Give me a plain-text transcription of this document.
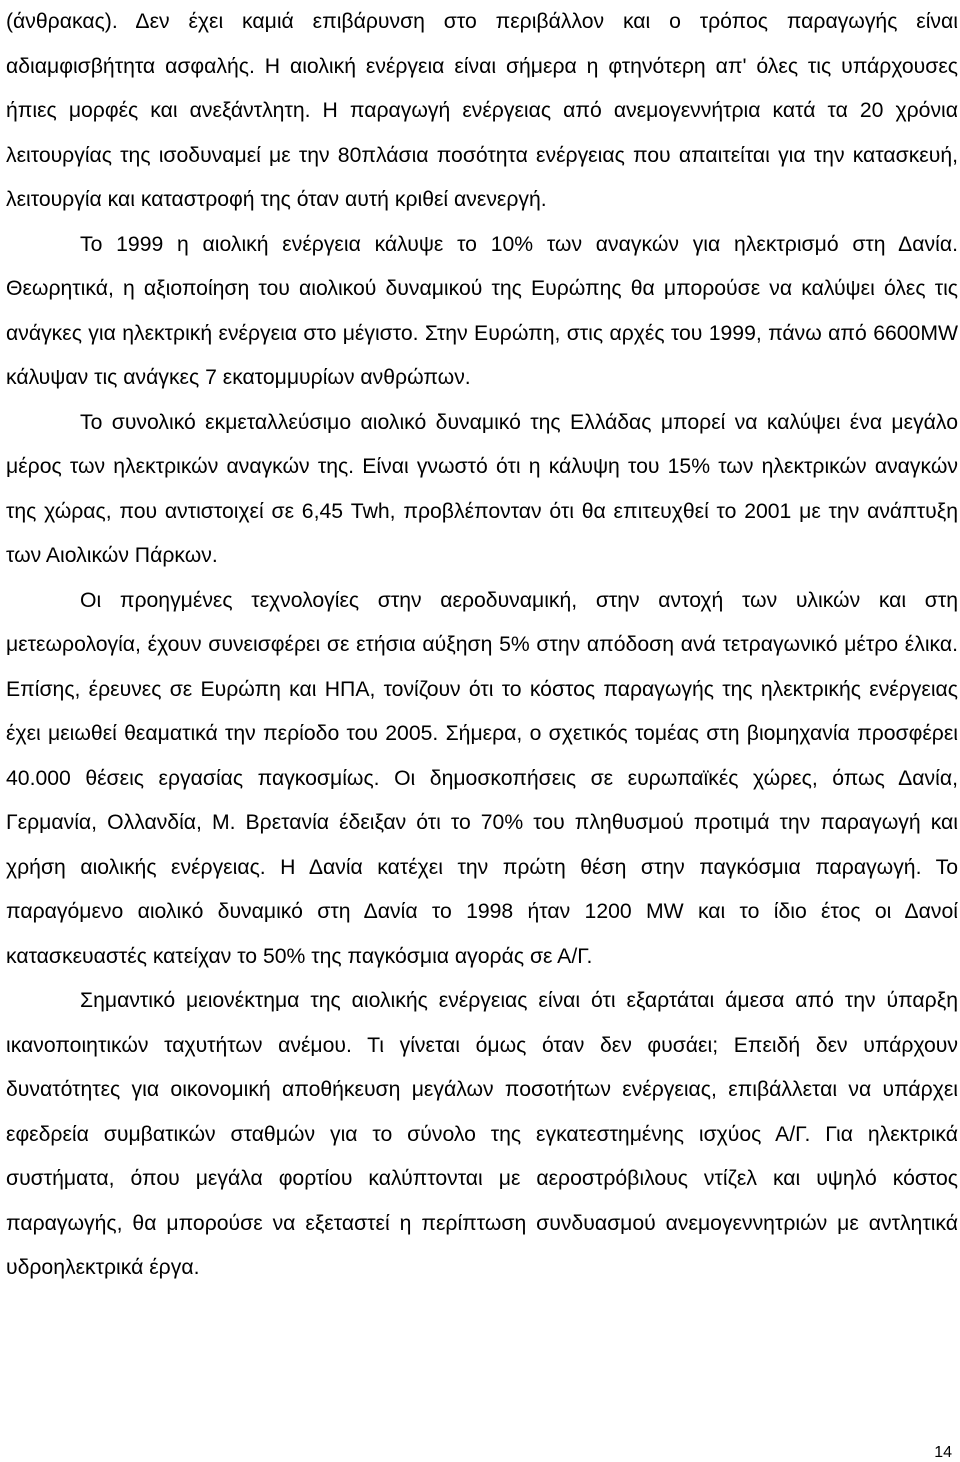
(άνθρακας). Δεν έχει καμιά επιβάρυνση στο περιβάλλον και ο τρόπος παραγωγής είναι αδιαμφισβήτητα ασφαλής. Η αιολική ενέργεια είναι σήμερα η φτηνότερη απ' όλες τις υπάρχουσες ήπιες μορφές και ανεξάντλητη. Η παραγωγή ενέργειας από ανεμογεννήτρια κατά τα 20 χρόνια λειτουργίας της ισοδυναμεί με την 80πλάσια ποσότητα ενέργειας που απαιτείται για την κατασκευή, λειτουργία και καταστροφή της όταν αυτή κριθεί ανενεργή.

Το 1999 η αιολική ενέργεια κάλυψε το 10% των αναγκών για ηλεκτρισμό στη Δανία. Θεωρητικά, η αξιοποίηση του αιολικού δυναμικού της Ευρώπης θα μπορούσε να καλύψει όλες τις ανάγκες για ηλεκτρική ενέργεια στο μέγιστο. Στην Ευρώπη, στις αρχές του 1999, πάνω από 6600MW κάλυψαν τις ανάγκες 7 εκατομμυρίων ανθρώπων.

Το συνολικό εκμεταλλεύσιμο αιολικό δυναμικό της Ελλάδας μπορεί να καλύψει ένα μεγάλο μέρος των ηλεκτρικών αναγκών της. Είναι γνωστό ότι η κάλυψη του 15% των ηλεκτρικών αναγκών της χώρας, που αντιστοιχεί σε 6,45 Twh, προβλέπονταν ότι θα επιτευχθεί το 2001 με την ανάπτυξη των Αιολικών Πάρκων.

Οι προηγμένες τεχνολογίες στην αεροδυναμική, στην αντοχή των υλικών και στη μετεωρολογία, έχουν συνεισφέρει σε ετήσια αύξηση 5% στην απόδοση ανά τετραγωνικό μέτρο έλικα. Επίσης, έρευνες σε Ευρώπη και ΗΠΑ, τονίζουν ότι το κόστος παραγωγής της ηλεκτρικής ενέργειας έχει μειωθεί θεαματικά την περίοδο του 2005. Σήμερα, ο σχετικός τομέας στη βιομηχανία προσφέρει 40.000 θέσεις εργασίας παγκοσμίως. Οι δημοσκοπήσεις σε ευρωπαϊκές χώρες, όπως Δανία, Γερμανία, Ολλανδία, Μ. Βρετανία έδειξαν ότι το 70% του πληθυσμού προτιμά την παραγωγή και χρήση αιολικής ενέργειας. Η Δανία κατέχει την πρώτη θέση στην παγκόσμια παραγωγή. Το παραγόμενο αιολικό δυναμικό στη Δανία το 1998 ήταν 1200 MW και το ίδιο έτος οι Δανοί κατασκευαστές κατείχαν το 50% της παγκόσμια αγοράς σε Α/Γ.

Σημαντικό μειονέκτημα της αιολικής ενέργειας είναι ότι εξαρτάται άμεσα από την ύπαρξη ικανοποιητικών ταχυτήτων ανέμου. Τι γίνεται όμως όταν δεν φυσάει; Επειδή δεν υπάρχουν δυνατότητες για οικονομική αποθήκευση μεγάλων ποσοτήτων ενέργειας, επιβάλλεται να υπάρχει εφεδρεία συμβατικών σταθμών για το σύνολο της εγκατεστημένης ισχύος Α/Γ. Για ηλεκτρικά συστήματα, όπου μεγάλα φορτίου καλύπτονται με αεροστρόβιλους ντίζελ και υψηλό κόστος παραγωγής, θα μπορούσε να εξεταστεί η περίπτωση συνδυασμού ανεμογεννητριών με αντλητικά υδροηλεκτρικά έργα.

14
